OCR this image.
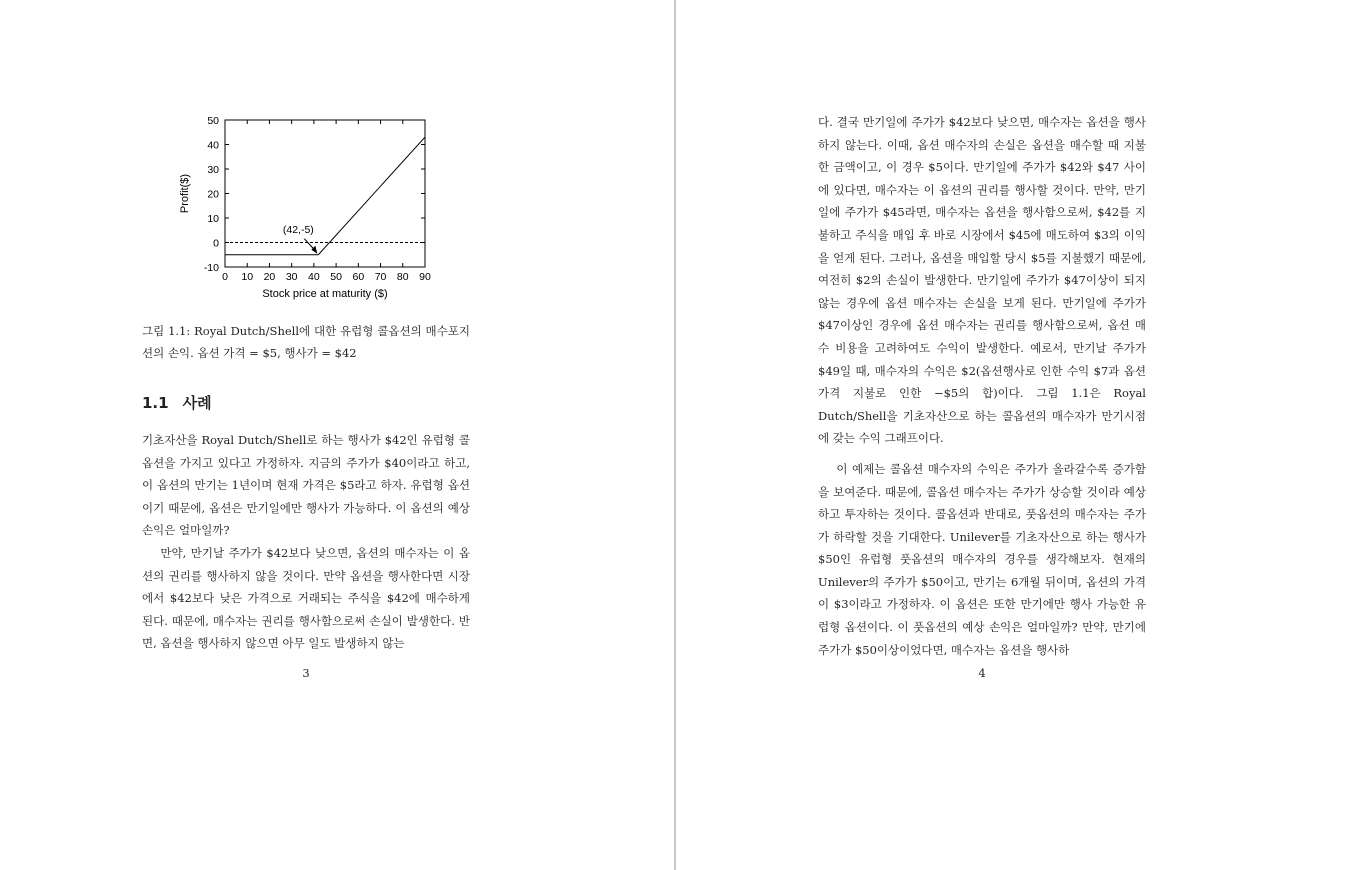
0 10 20 30 40 50 60 70 80 90
-10
0
10
20
30
40
50
(42,-5)
Stock price at maturity ($)
Profit($)
그림 1.1: Royal Dutch/Shell에 대한 유럽형 콜옵션의 매수포지션의 손익. 옵션 가격 = $5, 행사가 = $42
1.1 사례

기초자산을 Royal Dutch/Shell로 하는 행사가 $42인 유럽형 콜옵션을 가지고 있다고 가정하자. 지금의 주가가 $40이라고 하고, 이 옵션의 만기는 1년이며 현재 가격은 $5라고 하자. 유럽형 옵션이기 때문에, 옵션은 만기일에만 행사가 가능하다. 이 옵션의 예상 손익은 얼마일까?

만약, 만기날 주가가 $42보다 낮으면, 옵션의 매수자는 이 옵션의 권리를 행사하지 않을 것이다. 만약 옵션을 행사한다면 시장에서 $42보다 낮은 가격으로 거래되는 주식을 $42에 매수하게 된다. 때문에, 매수자는 권리를 행사함으로써 손실이 발생한다. 반면, 옵션을 행사하지 않으면 아무 일도 발생하지 않는

3

다. 결국 만기일에 주가가 $42보다 낮으면, 매수자는 옵션을 행사하지 않는다. 이때, 옵션 매수자의 손실은 옵션을 매수할 때 지불한 금액이고, 이 경우 $5이다. 만기일에 주가가 $42와 $47 사이에 있다면, 매수자는 이 옵션의 권리를 행사할 것이다. 만약, 만기일에 주가가 $45라면, 매수자는 옵션을 행사함으로써, $42를 지불하고 주식을 매입 후 바로 시장에서 $45에 매도하여 $3의 이익을 얻게 된다. 그러나, 옵션을 매입할 당시 $5를 지불했기 때문에, 여전히 $2의 손실이 발생한다. 만기일에 주가가 $47이상이 되지 않는 경우에 옵션 매수자는 손실을 보게 된다. 만기일에 주가가 $47이상인 경우에 옵션 매수자는 권리를 행사함으로써, 옵션 매수 비용을 고려하여도 수익이 발생한다. 예로서, 만기날 주가가 $49일 때, 매수자의 수익은 $2(옵션행사로 인한 수익 $7과 옵션가격 지불로 인한 −$5의 합)이다. 그림 1.1은 Royal Dutch/Shell을 기초자산으로 하는 콜옵션의 매수자가 만기시점에 갖는 수익 그래프이다.

이 예제는 콜옵션 매수자의 수익은 주가가 올라갈수록 증가함을 보여준다. 때문에, 콜옵션 매수자는 주가가 상승할 것이라 예상하고 투자하는 것이다. 콜옵션과 반대로, 풋옵션의 매수자는 주가가 하락할 것을 기대한다. Unilever를 기초자산으로 하는 행사가 $50인 유럽형 풋옵션의 매수자의 경우를 생각해보자. 현재의 Unilever의 주가가 $50이고, 만기는 6개월 뒤이며, 옵션의 가격이 $3이라고 가정하자. 이 옵션은 또한 만기에만 행사 가능한 유럽형 옵션이다. 이 풋옵션의 예상 손익은 얼마일까? 만약, 만기에 주가가 $50이상이었다면, 매수자는 옵션을 행사하

4
